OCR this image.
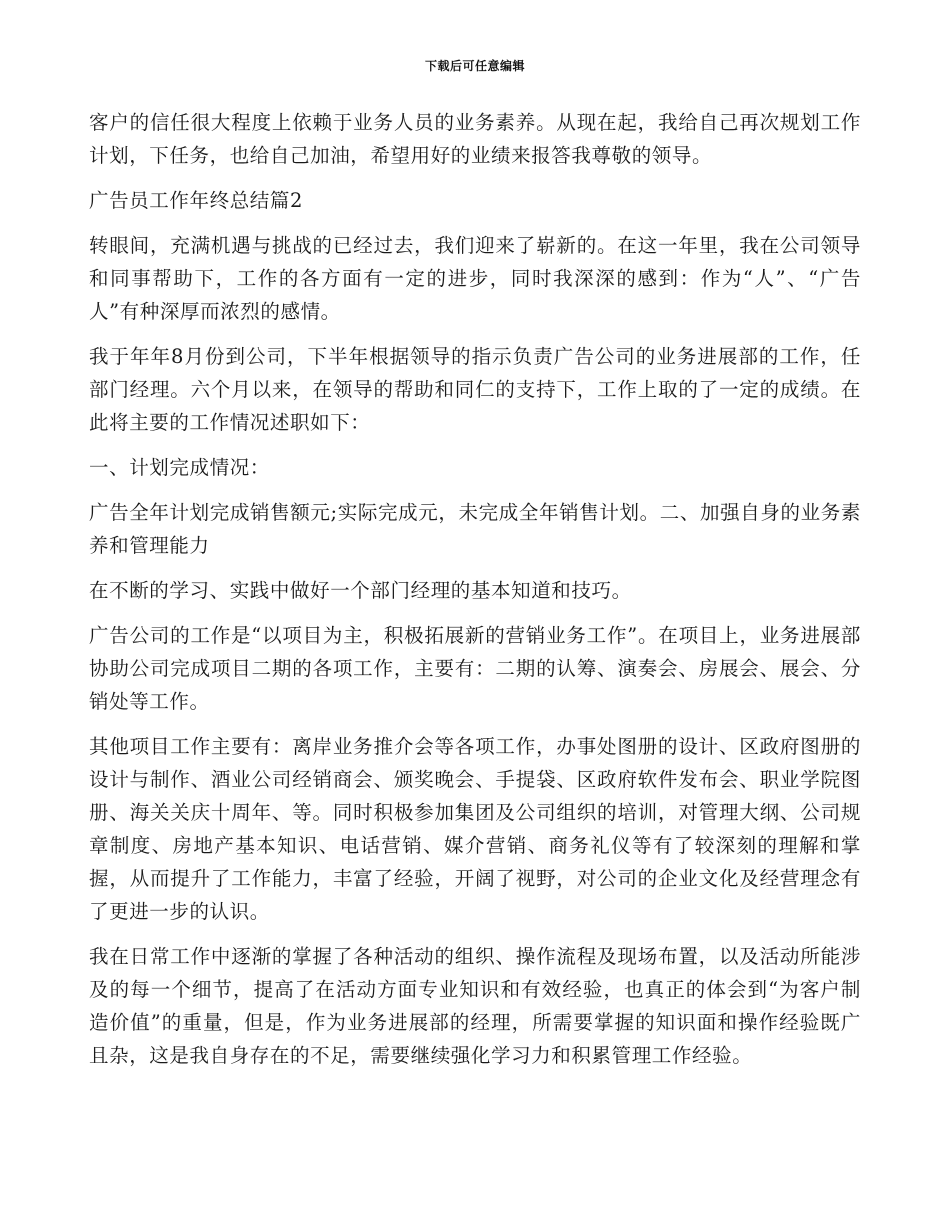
下载后可任意编辑

客户的信任很大程度上依赖于业务人员的业务素养。从现在起，我给自己再次规划工作计划，下任务，也给自己加油，希望用好的业绩来报答我尊敬的领导。

广告员工作年终总结篇2

转眼间，充满机遇与挑战的已经过去，我们迎来了崭新的。在这一年里，我在公司领导和同事帮助下，工作的各方面有一定的进步，同时我深深的感到：作为“人”、“广告人”有种深厚而浓烈的感情。

我于年年8月份到公司，下半年根据领导的指示负责广告公司的业务进展部的工作，任部门经理。六个月以来，在领导的帮助和同仁的支持下，工作上取的了一定的成绩。在此将主要的工作情况述职如下：

一、计划完成情况：

广告全年计划完成销售额元;实际完成元，未完成全年销售计划。二、加强自身的业务素养和管理能力

在不断的学习、实践中做好一个部门经理的基本知道和技巧。

广告公司的工作是“以项目为主，积极拓展新的营销业务工作”。在项目上，业务进展部协助公司完成项目二期的各项工作，主要有：二期的认筹、演奏会、房展会、展会、分销处等工作。

其他项目工作主要有：离岸业务推介会等各项工作，办事处图册的设计、区政府图册的设计与制作、酒业公司经销商会、颁奖晚会、手提袋、区政府软件发布会、职业学院图册、海关关庆十周年、等。同时积极参加集团及公司组织的培训，对管理大纲、公司规章制度、房地产基本知识、电话营销、媒介营销、商务礼仪等有了较深刻的理解和掌握，从而提升了工作能力，丰富了经验，开阔了视野，对公司的企业文化及经营理念有了更进一步的认识。

我在日常工作中逐渐的掌握了各种活动的组织、操作流程及现场布置，以及活动所能涉及的每一个细节，提高了在活动方面专业知识和有效经验，也真正的体会到“为客户制造价值”的重量，但是，作为业务进展部的经理，所需要掌握的知识面和操作经验既广且杂，这是我自身存在的不足，需要继续强化学习力和积累管理工作经验。
